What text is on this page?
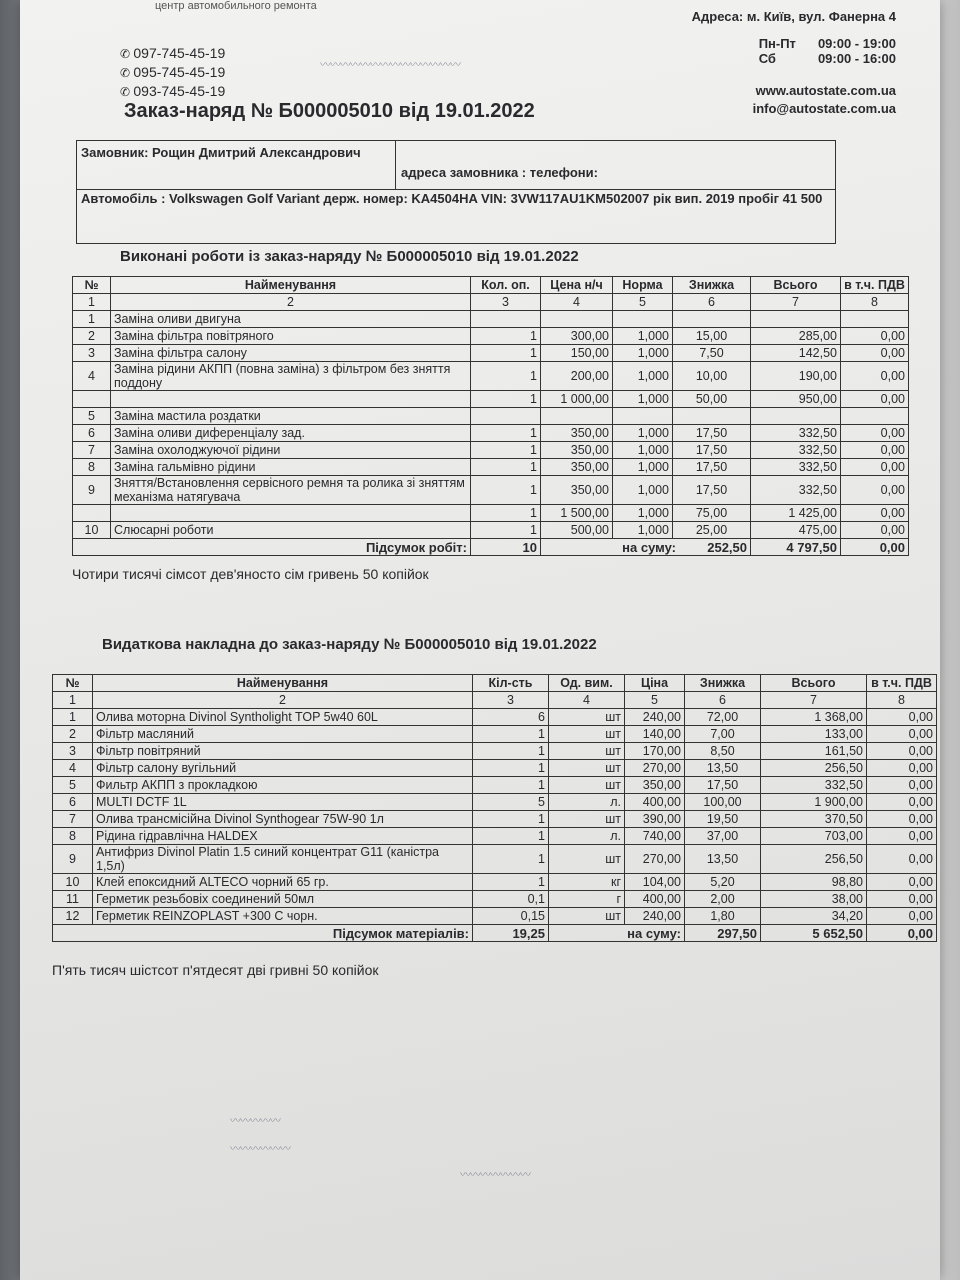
центр автомобильного ремонта
✆ 097-745-45-19
✆ 095-745-45-19
✆ 093-745-45-19
〰︎〰︎〰︎〰︎〰︎〰︎〰︎〰︎〰︎〰︎〰︎〰︎〰︎〰︎
Адреса: м. Київ, вул. Фанерна 4
Пн-Пт	09:00 - 19:00
Сб	09:00 - 16:00
www.autostate.com.ua
info@autostate.com.ua
Заказ-наряд № Б000005010 від 19.01.2022
Замовник: Рощин Дмитрий Александрович
адреса замовника : телефони:
Автомобіль : Volkswagen Golf Variant держ. номер: KA4504HA VIN: 3VW117AU1KM502007 рік вип. 2019 пробіг 41 500
Виконані роботи із заказ-наряду № Б000005010 від 19.01.2022
№	Найменування	Кол. оп.	Цена н/ч	Норма	Знижка	Всього	в т.ч. ПДВ
1	2	3	4	5	6	7	8
1	Заміна оливи двигуна						
2	Заміна фільтра повітряного	1	300,00	1,000	15,00	285,00	0,00
3	Заміна фільтра салону	1	150,00	1,000	7,50	142,50	0,00
4	Заміна рідини АКПП (повна заміна) з фільтром без зняття поддону	1	200,00	1,000	10,00	190,00	0,00
		1	1 000,00	1,000	50,00	950,00	0,00
5	Заміна мастила роздатки						
6	Заміна оливи диференціалу зад.	1	350,00	1,000	17,50	332,50	0,00
7	Заміна охолоджуючої рідини	1	350,00	1,000	17,50	332,50	0,00
8	Заміна гальмівно рідини	1	350,00	1,000	17,50	332,50	0,00
9	Зняття/Встановлення сервісного ремня та ролика зі зняттям механізма натягувача	1	350,00	1,000	17,50	332,50	0,00
		1	1 500,00	1,000	75,00	1 425,00	0,00
10	Слюсарні роботи	1	500,00	1,000	25,00	475,00	0,00
Підсумок робіт:		10	на суму: 252,50			4 797,50	0,00
Чотири тисячі сімсот дев'яносто сім гривень 50 копійок
Видаткова накладна до заказ-наряду № Б000005010 від 19.01.2022
№	Найменування	Кіл-сть	Од. вим.	Ціна	Знижка	Всього	в т.ч. ПДВ
1	2	3	4	5	6	7	8
1	Олива моторна Divinol Syntholight TOP 5w40 60L	6	шт	240,00	72,00	1 368,00	0,00
2	Фільтр масляний	1	шт	140,00	7,00	133,00	0,00
3	Фільтр повітряний	1	шт	170,00	8,50	161,50	0,00
4	Фільтр салону вугільний	1	шт	270,00	13,50	256,50	0,00
5	Фильтр АКПП з прокладкою	1	шт	350,00	17,50	332,50	0,00
6	MULTI DCTF 1L	5	л.	400,00	100,00	1 900,00	0,00
7	Олива трансмісійна Divinol Synthogear 75W-90 1л	1	шт	390,00	19,50	370,50	0,00
8	Рідина гідравлічна HALDEX	1	л.	740,00	37,00	703,00	0,00
9	Антифриз Divinol Platin 1.5 синий концентрат G11 (каністра 1,5л)	1	шт	270,00	13,50	256,50	0,00
10	Клей епоксидний ALTECO чорний 65 гр.	1	кг	104,00	5,20	98,80	0,00
11	Герметик резьбовіх соединений 50мл	0,1	г	400,00	2,00	38,00	0,00
12	Герметик REINZOPLAST +300 С чорн.	0,15	шт	240,00	1,80	34,20	0,00
Підсумок матеріалів:		19,25	на суму:		297,50	5 652,50	0,00
П'ять тисяч шістсот п'ятдесят дві гривні 50 копійок
〰︎〰︎〰︎〰︎〰︎
〰︎〰︎〰︎〰︎〰︎〰︎
〰︎〰︎〰︎〰︎〰︎〰︎〰︎
